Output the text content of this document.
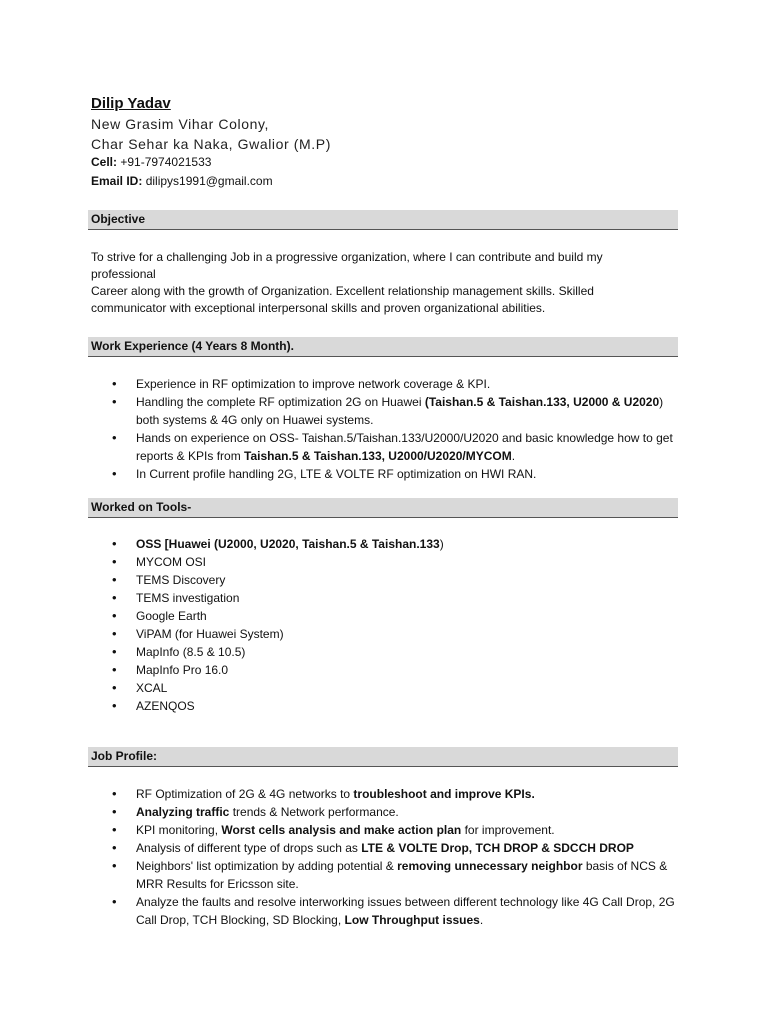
Dilip Yadav
New Grasim Vihar Colony,
Char Sehar ka Naka, Gwalior (M.P)
Cell: +91-7974021533
Email ID: dilipys1991@gmail.com
Objective
To strive for a challenging Job in a progressive organization, where I can contribute and build my
professional
Career along with the growth of Organization. Excellent relationship management skills. Skilled
communicator with exceptional interpersonal skills and proven organizational abilities.
Work Experience (4 Years 8 Month).
• Experience in RF optimization to improve network coverage & KPI.
• Handling the complete RF optimization 2G on Huawei (Taishan.5 & Taishan.133, U2000 & U2020) both systems & 4G only on Huawei systems.
• Hands on experience on OSS- Taishan.5/Taishan.133/U2000/U2020 and basic knowledge how to get reports & KPIs from Taishan.5 & Taishan.133, U2000/U2020/MYCOM.
• In Current profile handling 2G, LTE & VOLTE RF optimization on HWI RAN.
Worked on Tools-
• OSS [Huawei (U2000, U2020, Taishan.5 & Taishan.133)
• MYCOM OSI
• TEMS Discovery
• TEMS investigation
• Google Earth
• ViPAM (for Huawei System)
• MapInfo (8.5 & 10.5)
• MapInfo Pro 16.0
• XCAL
• AZENQOS
Job Profile:
• RF Optimization of 2G & 4G networks to troubleshoot and improve KPIs.
• Analyzing traffic trends & Network performance.
• KPI monitoring, Worst cells analysis and make action plan for improvement.
• Analysis of different type of drops such as LTE & VOLTE Drop, TCH DROP & SDCCH DROP
• Neighbors' list optimization by adding potential & removing unnecessary neighbor basis of NCS & MRR Results for Ericsson site.
• Analyze the faults and resolve interworking issues between different technology like 4G Call Drop, 2G Call Drop, TCH Blocking, SD Blocking, Low Throughput issues.
